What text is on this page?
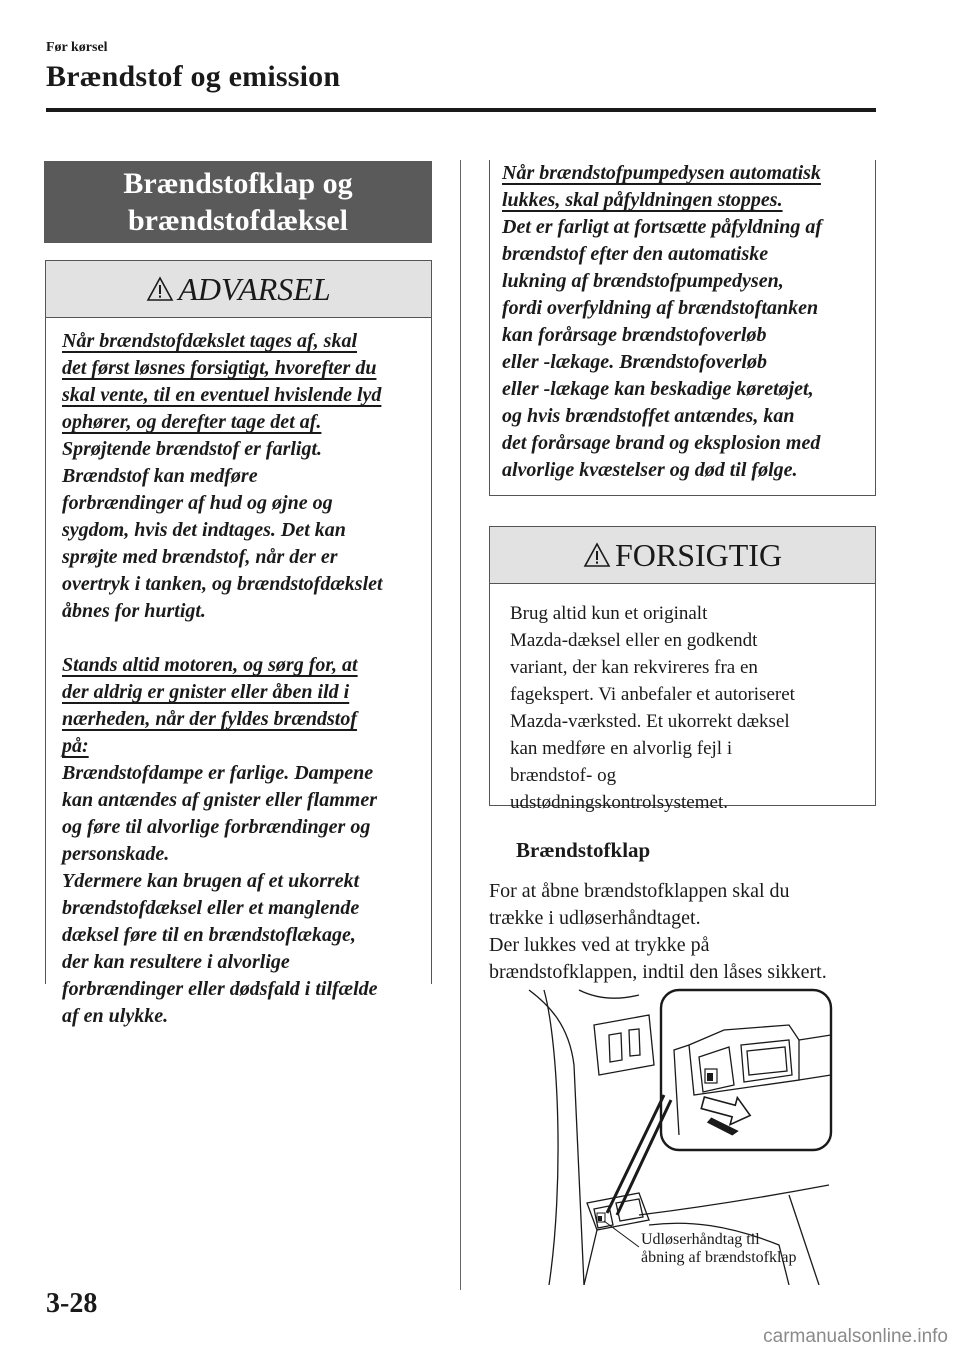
Før kørsel
Brændstof og emission
Brændstofklap og
brændstofdæksel
ADVARSEL
Når brændstofdækslet tages af, skal
det først løsnes forsigtigt, hvorefter du
skal vente, til en eventuel hvislende lyd
ophører, og derefter tage det af.
Sprøjtende brændstof er farligt.
Brændstof kan medføre
forbrændinger af hud og øjne og
sygdom, hvis det indtages. Det kan
sprøjte med brændstof, når der er
overtryk i tanken, og brændstofdækslet
åbnes for hurtigt.
Stands altid motoren, og sørg for, at
der aldrig er gnister eller åben ild i
nærheden, når der fyldes brændstof
på:
Brændstofdampe er farlige. Dampene
kan antændes af gnister eller flammer
og føre til alvorlige forbrændinger og
personskade.
Ydermere kan brugen af et ukorrekt
brændstofdæksel eller et manglende
dæksel føre til en brændstoflækage,
der kan resultere i alvorlige
forbrændinger eller dødsfald i tilfælde
af en ulykke.
Når brændstofpumpedysen automatisk
lukkes, skal påfyldningen stoppes.
Det er farligt at fortsætte påfyldning af
brændstof efter den automatiske
lukning af brændstofpumpedysen,
fordi overfyldning af brændstoftanken
kan forårsage brændstofoverløb
eller -lækage. Brændstofoverløb
eller -lækage kan beskadige køretøjet,
og hvis brændstoffet antændes, kan
det forårsage brand og eksplosion med
alvorlige kvæstelser og død til følge.
FORSIGTIG
Brug altid kun et originalt
Mazda-dæksel eller en godkendt
variant, der kan rekvireres fra en
fagekspert. Vi anbefaler et autoriseret
Mazda-værksted. Et ukorrekt dæksel
kan medføre en alvorlig fejl i
brændstof- og
udstødningskontrolsystemet.
Brændstofklap
For at åbne brændstofklappen skal du
trække i udløserhåndtaget.
Der lukkes ved at trykke på
brændstofklappen, indtil den låses sikkert.
Udløserhåndtag til
åbning af brændstofklap
3-28
carmanualsonline.info
